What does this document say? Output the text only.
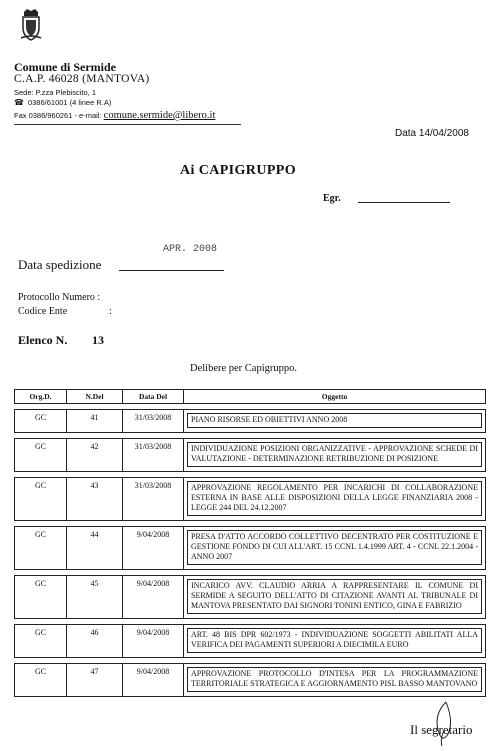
Comune di Sermide
C.A.P. 46028 (MANTOVA)
Sede: P.zza Plebiscito, 1
☎ 0386/61001 (4 linee R.A)
Fax 0386/960261 - e-mail: comune.sermide@libero.it
Data 14/04/2008
Ai CAPIGRUPPO
Egr.
APR. 2008
Data spedizione
Protocollo Numero :
Codice Ente	:
Elenco N. 13
Delibere per Capigruppo.
Org.D.	N.Del	Data Del	Oggetto

GC	41	31/03/2008	PIANO RISORSE ED OBIETTIVI ANNO 2008

GC	42	31/03/2008	INDIVIDUAZIONE POSIZIONI ORGANIZZATIVE - APPROVAZIONE SCHEDE DI VALUTAZIONE - DETERMINAZIONE RETRIBUZIONE DI POSIZIONE

GC	43	31/03/2008	APPROVAZIONE REGOLAMENTO PER INCARICHI DI COLLABORAZIONE ESTERNA IN BASE ALLE DISPOSIZIONI DELLA LEGGE FINANZIARIA 2008 - LEGGE 244 DEL 24.12.2007

GC	44	9/04/2008	PRESA D'ATTO ACCORDO COLLETTIVO DECENTRATO PER COSTITUZIONE E GESTIONE FONDO DI CUI ALL'ART. 15 CCNL 1.4.1999 ART. 4 - CCNL 22.1.2004 - ANNO 2007

GC	45	9/04/2008	INCARICO AVV. CLAUDIO ARRIA A RAPPRESENTARE IL COMUNE DI SERMIDE A SEGUITO DELL'ATTO DI CITAZIONE AVANTI AL TRIBUNALE DI MANTOVA PRESENTATO DAI SIGNORI TONINI ENTICO, GINA E FABRIZIO

GC	46	9/04/2008	ART. 48 BIS DPR 602/1973 - INDIVIDUAZIONE SOGGETTI ABILITATI ALLA VERIFICA DEI PAGAMENTI SUPERIORI A DIECIMILA EURO

GC	47	9/04/2008	APPROVAZIONE PROTOCOLLO D'INTESA PER LA PROGRAMMAZIONE TERRITORIALE STRATEGICA E AGGIORNAMENTO PISL BASSO MANTOVANO
Il segretario
